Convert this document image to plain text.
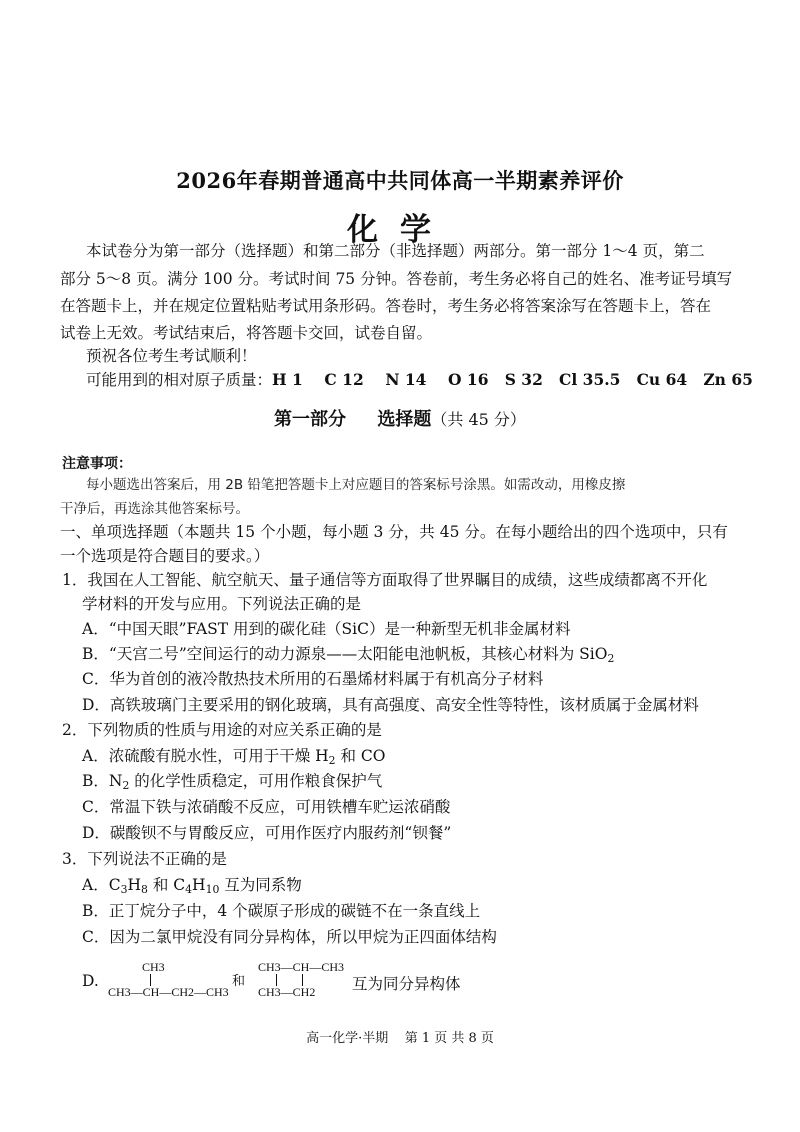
2026年春期普通高中共同体高一半期素养评价
化学
本试卷分为第一部分（选择题）和第二部分（非选择题）两部分。第一部分 1～4 页，第二
部分 5～8 页。满分 100 分。考试时间 75 分钟。答卷前，考生务必将自己的姓名、准考证号填写
在答题卡上，并在规定位置粘贴考试用条形码。答卷时，考生务必将答案涂写在答题卡上，答在
试卷上无效。考试结束后，将答题卡交回，试卷自留。
预祝各位考生考试顺利！
可能用到的相对原子质量：H 1    C 12    N 14    O 16   S 32   Cl 35.5   Cu 64   Zn 65
第一部分     选择题（共 45 分）
注意事项：
每小题选出答案后，用 2B 铅笔把答题卡上对应题目的答案标号涂黑。如需改动，用橡皮擦
干净后，再选涂其他答案标号。
一、单项选择题（本题共 15 个小题，每小题 3 分，共 45 分。在每小题给出的四个选项中，只有
一个选项是符合题目的要求。）
1．我国在人工智能、航空航天、量子通信等方面取得了世界瞩目的成绩，这些成绩都离不开化
学材料的开发与应用。下列说法正确的是
A．“中国天眼”FAST 用到的碳化硅（SiC）是一种新型无机非金属材料
B．“天宫二号”空间运行的动力源泉——太阳能电池帆板，其核心材料为 SiO$_2$
C．华为首创的液冷散热技术所用的石墨烯材料属于有机高分子材料
D．高铁玻璃门主要采用的钢化玻璃，具有高强度、高安全性等特性，该材质属于金属材料
2．下列物质的性质与用途的对应关系正确的是
A．浓硫酸有脱水性，可用于干燥 $H_2$ 和 CO
B．$N_2$ 的化学性质稳定，可用作粮食保护气
C．常温下铁与浓硝酸不反应，可用铁槽车贮运浓硝酸
D．碳酸钡不与胃酸反应，可用作医疗内服药剂“钡餐”
3．下列说法不正确的是
A．$C_3H_8$ 和 $C_4H_{10}$ 互为同系物
B．正丁烷分子中，4 个碳原子形成的碳链不在一条直线上
C．因为二氯甲烷没有同分异构体，所以甲烷为正四面体结构
D.
CH3
CH3—CH—CH2—CH3
和
CH3—CH—CH3
CH3—CH2 互为同分异构体
高一化学·半期    第 1 页 共 8 页
